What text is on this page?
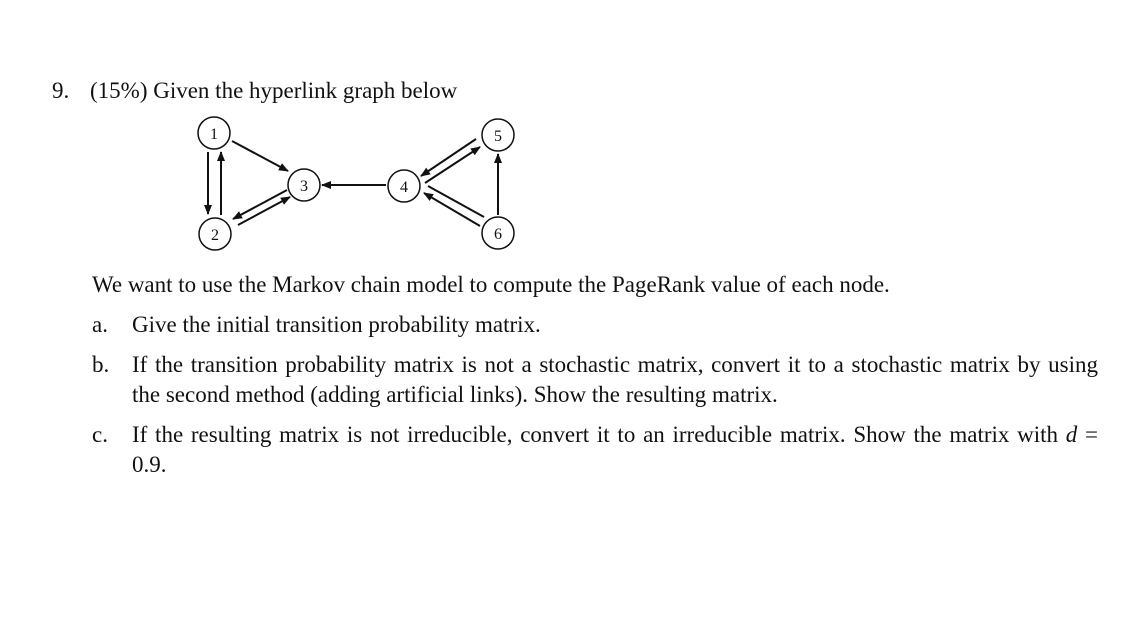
9. (15%) Given the hyperlink graph below
1
2
3	4
5
6
We want to use the Markov chain model to compute the PageRank value of each node.
a. Give the initial transition probability matrix.
b. If the transition probability matrix is not a stochastic matrix, convert it to a stochastic matrix by using the second method (adding artificial links). Show the resulting matrix.
c. If the resulting matrix is not irreducible, convert it to an irreducible matrix. Show the matrix with d = 0.9.
